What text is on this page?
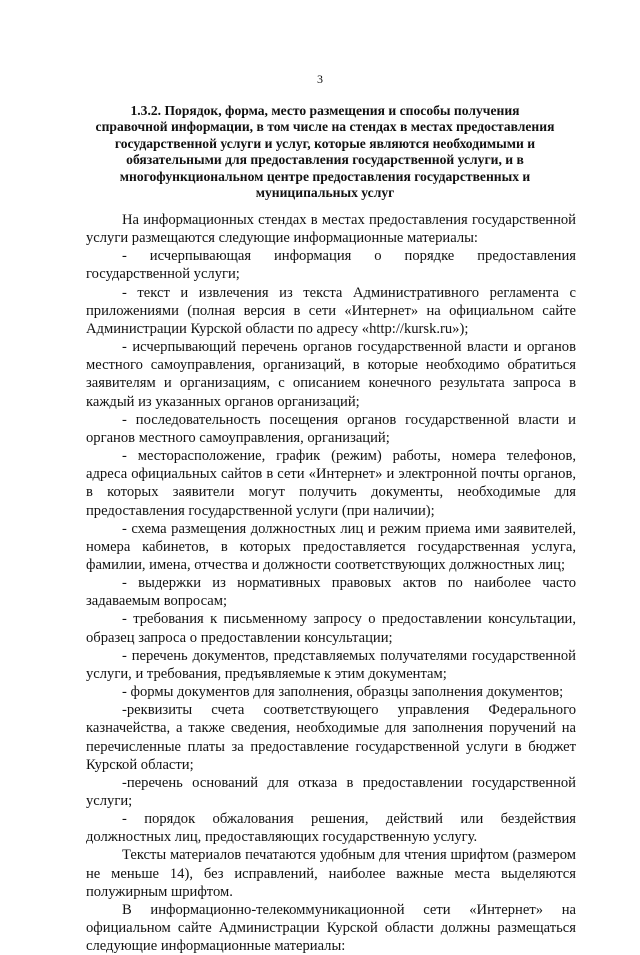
3
1.3.2. Порядок, форма, место размещения и способы получения справочной информации, в том числе на стендах в местах предоставления государственной услуги и услуг, которые являются необходимыми и обязательными для предоставления государственной услуги, и в многофункциональном центре предоставления государственных и муниципальных услуг

На информационных стендах в местах предоставления государственной услуги размещаются следующие информационные материалы:

- исчерпывающая информация о порядке предоставления государственной услуги;

- текст и извлечения из текста Административного регламента с приложениями (полная версия в сети «Интернет» на официальном сайте Администрации Курской области по адресу «http://kursk.ru»);

- исчерпывающий перечень органов государственной власти и органов местного самоуправления, организаций, в которые необходимо обратиться заявителям и организациям, с описанием конечного результата запроса в каждый из указанных органов организаций;

- последовательность посещения органов государственной власти и органов местного самоуправления, организаций;

- месторасположение, график (режим) работы, номера телефонов, адреса официальных сайтов в сети «Интернет» и электронной почты органов, в которых заявители могут получить документы, необходимые для предоставления государственной услуги (при наличии);

- схема размещения должностных лиц и режим приема ими заявителей, номера кабинетов, в которых предоставляется государственная услуга, фамилии, имена, отчества и должности соответствующих должностных лиц;

- выдержки из нормативных правовых актов по наиболее часто задаваемым вопросам;

- требования к письменному запросу о предоставлении консультации, образец запроса о предоставлении консультации;

- перечень документов, представляемых получателями государственной услуги, и требования, предъявляемые к этим документам;

- формы документов для заполнения, образцы заполнения документов;

-реквизиты счета соответствующего управления Федерального казначейства, а также сведения, необходимые для заполнения поручений на перечисленные платы за предоставление государственной услуги в бюджет Курской области;

-перечень оснований для отказа в предоставлении государственной услуги;

- порядок обжалования решения, действий или бездействия должностных лиц, предоставляющих государственную услугу.

Тексты материалов печатаются удобным для чтения шрифтом (размером не меньше 14), без исправлений, наиболее важные места выделяются полужирным шрифтом.

В информационно-телекоммуникационной сети «Интернет» на официальном сайте Администрации Курской области должны размещаться следующие информационные материалы:
